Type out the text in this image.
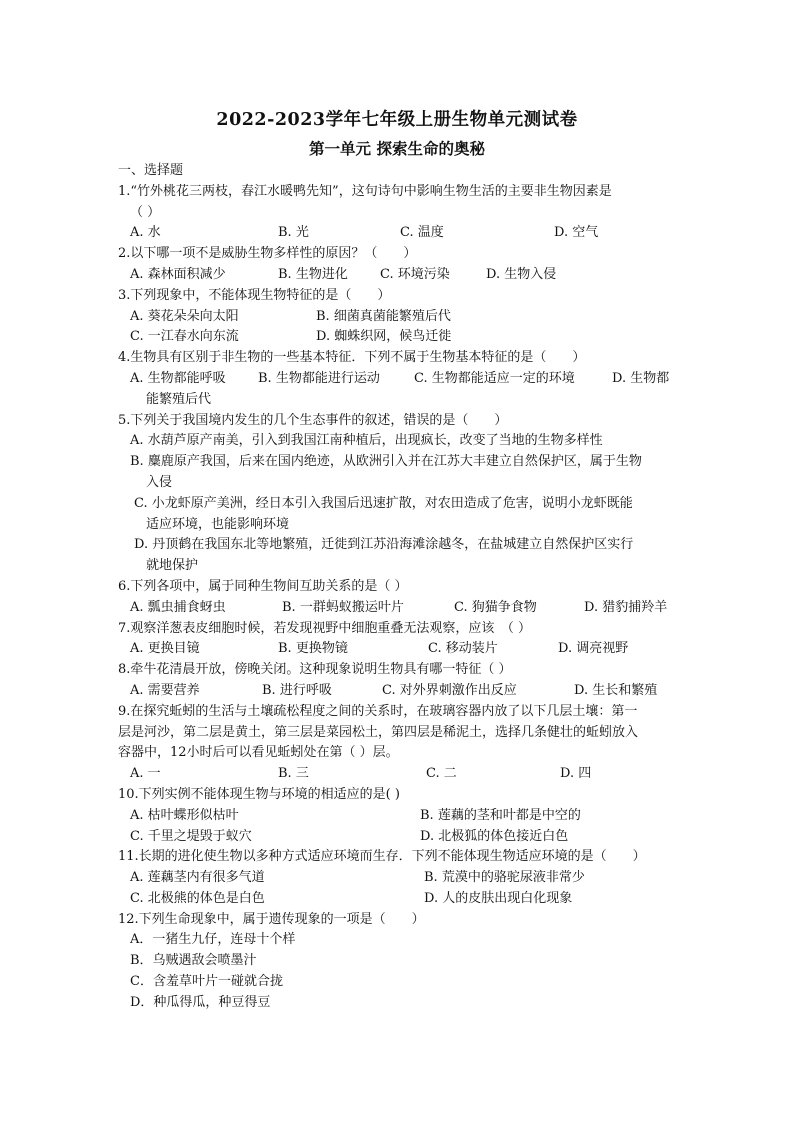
2022-2023学年七年级上册生物单元测试卷
第一单元 探索生命的奥秘
一、选择题
1.“竹外桃花三两枝，春江水暖鸭先知”，这句诗句中影响生物生活的主要非生物因素是
（ ）
A. 水	B. 光	C. 温度	D. 空气
2.以下哪一项不是威胁生物多样性的原因？（　　）
A. 森林面积减少	B. 生物进化 C. 环境污染	D. 生物入侵
3.下列现象中，不能体现生物特征的是（　　）
A. 葵花朵朵向太阳	B. 细菌真菌能繁殖后代
C. 一江春水向东流	D. 蜘蛛织网，候鸟迁徙
4.生物具有区别于非生物的一些基本特征．下列不属于生物基本特征的是（　　）
A. 生物都能呼吸 B. 生物都能进行运动	C. 生物都能适应一定的环境	D. 生物都
能繁殖后代
5.下列关于我国境内发生的几个生态事件的叙述，错误的是（　　）
A. 水葫芦原产南美，引入到我国江南种植后，出现疯长，改变了当地的生物多样性
B. 麋鹿原产我国，后来在国内绝迹，从欧洲引入并在江苏大丰建立自然保护区，属于生物
入侵
C. 小龙虾原产美洲，经日本引入我国后迅速扩散，对农田造成了危害，说明小龙虾既能
适应环境，也能影响环境
D. 丹顶鹤在我国东北等地繁殖，迁徙到江苏沿海滩涂越冬，在盐城建立自然保护区实行
就地保护
6.下列各项中，属于同种生物间互助关系的是（ ）
A. 瓢虫捕食蚜虫	B. 一群蚂蚁搬运叶片	C. 狗猫争食物	D. 猎豹捕羚羊
7.观察洋葱表皮细胞时候，若发现视野中细胞重叠无法观察，应该　（ ）
A. 更换目镜	B. 更换物镜	C. 移动装片	D. 调亮视野
8.牵牛花清晨开放，傍晚关闭。这种现象说明生物具有哪一特征（ ）
A. 需要营养	B. 进行呼吸	C. 对外界刺激作出反应	D. 生长和繁殖
9.在探究蚯蚓的生活与土壤疏松程度之间的关系时，在玻璃容器内放了以下几层土壤：第一
层是河沙，第二层是黄土，第三层是菜园松土，第四层是稀泥土，选择几条健壮的蚯蚓放入
容器中，12小时后可以看见蚯蚓处在第（ ）层。
A. 一	B. 三	C. 二	D. 四
10.下列实例不能体现生物与环境的相适应的是( )
A. 枯叶蝶形似枯叶	B. 莲藕的茎和叶都是中空的
C. 千里之堤毁于蚁穴	D. 北极狐的体色接近白色
11.长期的进化使生物以多种方式适应环境而生存．下列不能体现生物适应环境的是（　　）
A. 莲藕茎内有很多气道	B. 荒漠中的骆驼尿液非常少
C. 北极熊的体色是白色	D. 人的皮肤出现白化现象
12.下列生命现象中，属于遗传现象的一项是（　　）
A．一猪生九仔，连母十个样
B．乌贼遇敌会喷墨汁
C．含羞草叶片一碰就合拢
D．种瓜得瓜，种豆得豆
